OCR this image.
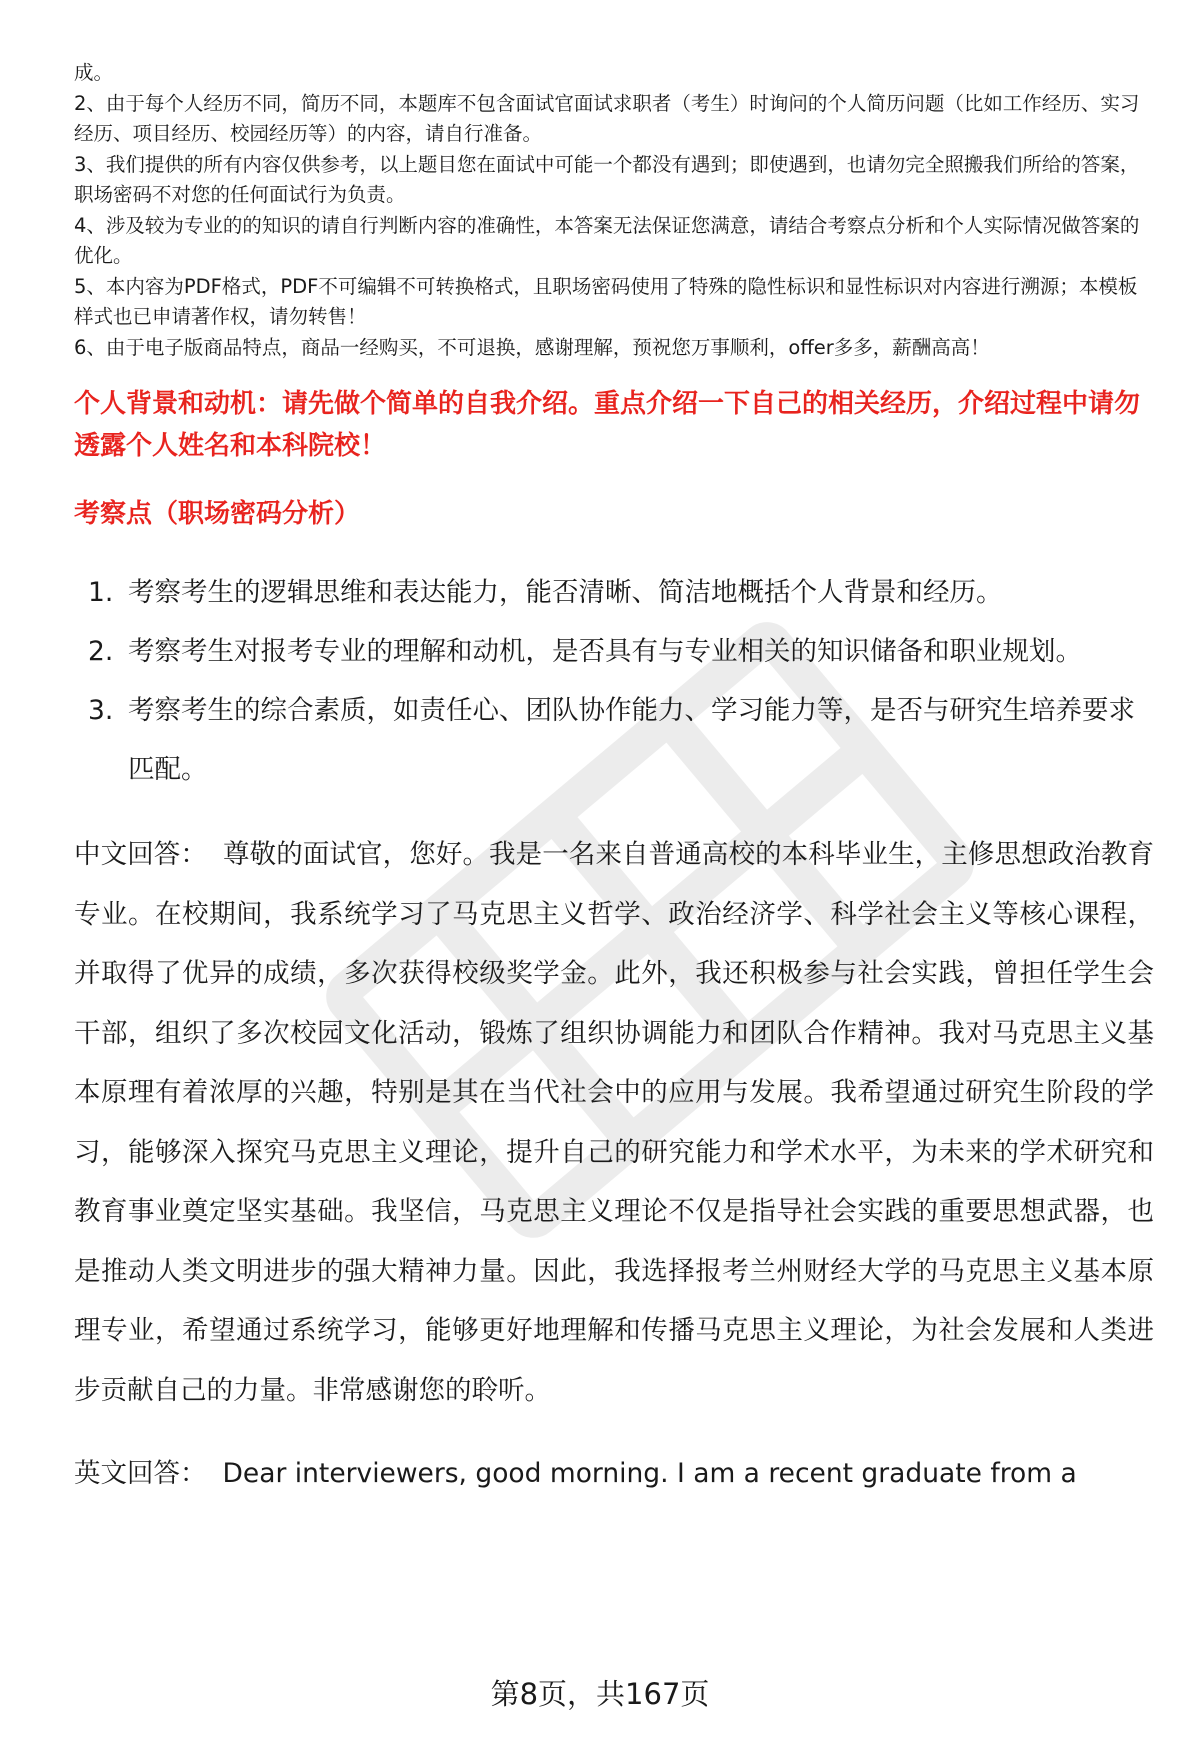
成。
2、由于每个人经历不同，简历不同，本题库不包含面试官面试求职者（考生）时询问的个人简历问题（比如工作经历、实习经历、项目经历、校园经历等）的内容，请自行准备。
3、我们提供的所有内容仅供参考，以上题目您在面试中可能一个都没有遇到；即使遇到，也请勿完全照搬我们所给的答案，职场密码不对您的任何面试行为负责。
4、涉及较为专业的的知识的请自行判断内容的准确性，本答案无法保证您满意，请结合考察点分析和个人实际情况做答案的优化。
5、本内容为PDF格式，PDF不可编辑不可转换格式，且职场密码使用了特殊的隐性标识和显性标识对内容进行溯源；本模板样式也已申请著作权，请勿转售！
6、由于电子版商品特点，商品一经购买，不可退换，感谢理解，预祝您万事顺利，offer多多，薪酬高高！
个人背景和动机：请先做个简单的自我介绍。重点介绍一下自己的相关经历，介绍过程中请勿透露个人姓名和本科院校！
考察点（职场密码分析）
1. 考察考生的逻辑思维和表达能力，能否清晰、简洁地概括个人背景和经历。
2. 考察考生对报考专业的理解和动机，是否具有与专业相关的知识储备和职业规划。
3. 考察考生的综合素质，如责任心、团队协作能力、学习能力等，是否与研究生培养要求匹配。

中文回答： 尊敬的面试官，您好。我是一名来自普通高校的本科毕业生，主修思想政治教育专业。在校期间，我系统学习了马克思主义哲学、政治经济学、科学社会主义等核心课程，并取得了优异的成绩，多次获得校级奖学金。此外，我还积极参与社会实践，曾担任学生会干部，组织了多次校园文化活动，锻炼了组织协调能力和团队合作精神。我对马克思主义基本原理有着浓厚的兴趣，特别是其在当代社会中的应用与发展。我希望通过研究生阶段的学习，能够深入探究马克思主义理论，提升自己的研究能力和学术水平，为未来的学术研究和教育事业奠定坚实基础。我坚信，马克思主义理论不仅是指导社会实践的重要思想武器，也是推动人类文明进步的强大精神力量。因此，我选择报考兰州财经大学的马克思主义基本原理专业，希望通过系统学习，能够更好地理解和传播马克思主义理论，为社会发展和人类进步贡献自己的力量。非常感谢您的聆听。

英文回答： Dear interviewers, good morning. I am a recent graduate from a

第8页，共167页
